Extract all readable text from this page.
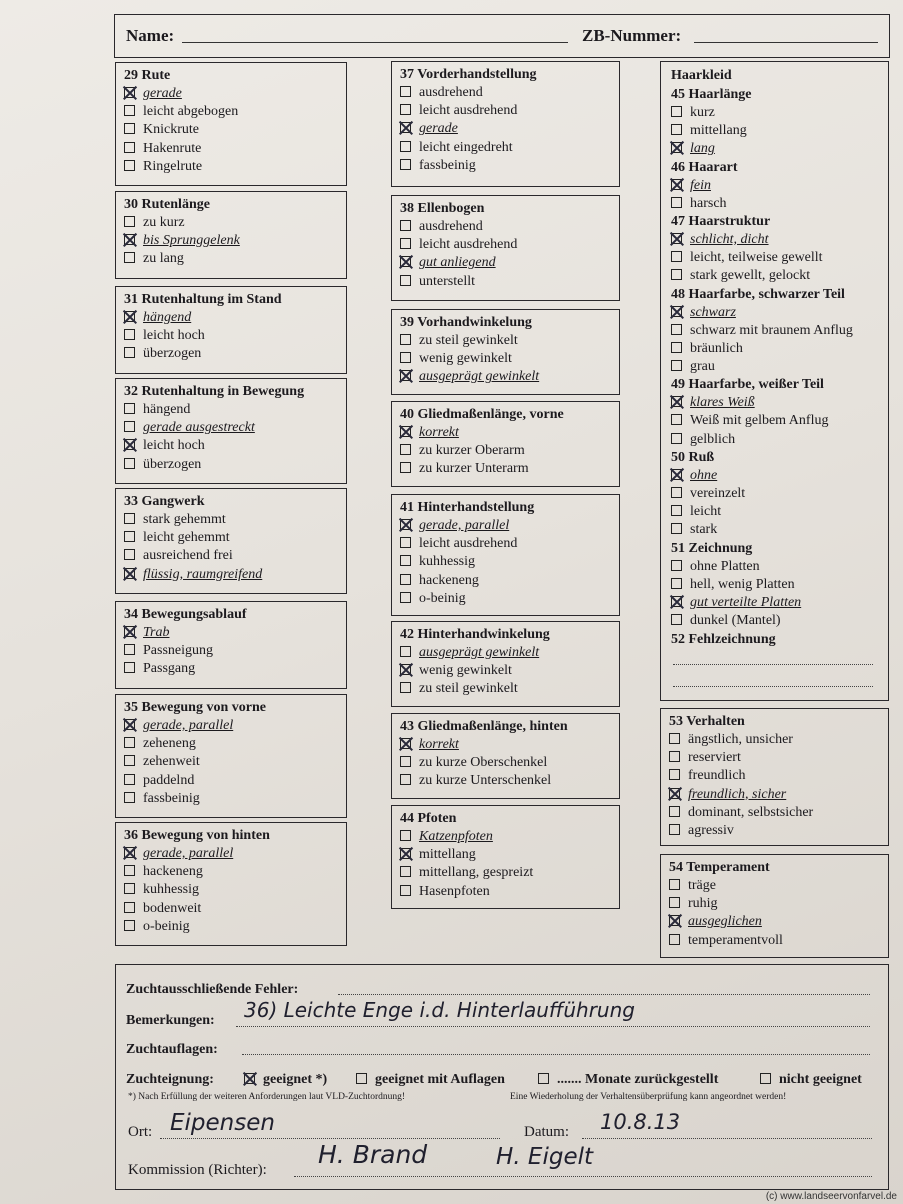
Name:	ZB-Nummer:
29 Rute
gerade
leicht abgebogen
Knickrute
Hakenrute
Ringelrute
30 Rutenlänge
zu kurz
bis Sprunggelenk
zu lang
31 Rutenhaltung im Stand
hängend
leicht hoch
überzogen
32 Rutenhaltung in Bewegung
hängend
gerade ausgestreckt
leicht hoch
überzogen
33 Gangwerk
stark gehemmt
leicht gehemmt
ausreichend frei
flüssig, raumgreifend
34 Bewegungsablauf
Trab
Passneigung
Passgang
35 Bewegung von vorne
gerade, parallel
zeheneng
zehenweit
paddelnd
fassbeinig
36 Bewegung von hinten
gerade, parallel
hackeneng
kuhhessig
bodenweit
o-beinig
37 Vorderhandstellung
ausdrehend
leicht ausdrehend
gerade
leicht eingedreht
fassbeinig
38 Ellenbogen
ausdrehend
leicht ausdrehend
gut anliegend
unterstellt
39 Vorhandwinkelung
zu steil gewinkelt
wenig gewinkelt
ausgeprägt gewinkelt
40 Gliedmaßenlänge, vorne
korrekt
zu kurzer Oberarm
zu kurzer Unterarm
41 Hinterhandstellung
gerade, parallel
leicht ausdrehend
kuhhessig
hackeneng
o-beinig
42 Hinterhandwinkelung
ausgeprägt gewinkelt
wenig gewinkelt
zu steil gewinkelt
43 Gliedmaßenlänge, hinten
korrekt
zu kurze Oberschenkel
zu kurze Unterschenkel
44 Pfoten
Katzenpfoten
mittellang
mittellang, gespreizt
Hasenpfoten
Haarkleid
45 Haarlänge
kurz
mittellang
lang
46 Haarart
fein
harsch
47 Haarstruktur
schlicht, dicht
leicht, teilweise gewellt
stark gewellt, gelockt
48 Haarfarbe, schwarzer Teil
schwarz
schwarz mit braunem Anflug
bräunlich
grau
49 Haarfarbe, weißer Teil
klares Weiß
Weiß mit gelbem Anflug
gelblich
50 Ruß
ohne
vereinzelt
leicht
stark
51 Zeichnung
ohne Platten
hell, wenig Platten
gut verteilte Platten
dunkel (Mantel)
52 Fehlzeichnung
53 Verhalten
ängstlich, unsicher
reserviert
freundlich
freundlich, sicher
dominant, selbstsicher
agressiv
54 Temperament
träge
ruhig
ausgeglichen
temperamentvoll
Zuchtausschließende Fehler:
Bemerkungen: 36) Leichte Enge i.d. Hinterlaufführung
Zuchtauflagen:
Zuchteignung:	geeignet *)	geeignet mit Auflagen	....... Monate zurückgestellt	nicht geeignet
*) Nach Erfüllung der weiteren Anforderungen laut VLD-Zuchtordnung!	Eine Wiederholung der Verhaltensüberprüfung kann angeordnet werden!
Ort: Eipensen	Datum: 10.8.13
Kommission (Richter):
H. Brand	H. Eigelt
(c) www.landseervonfarvel.de
